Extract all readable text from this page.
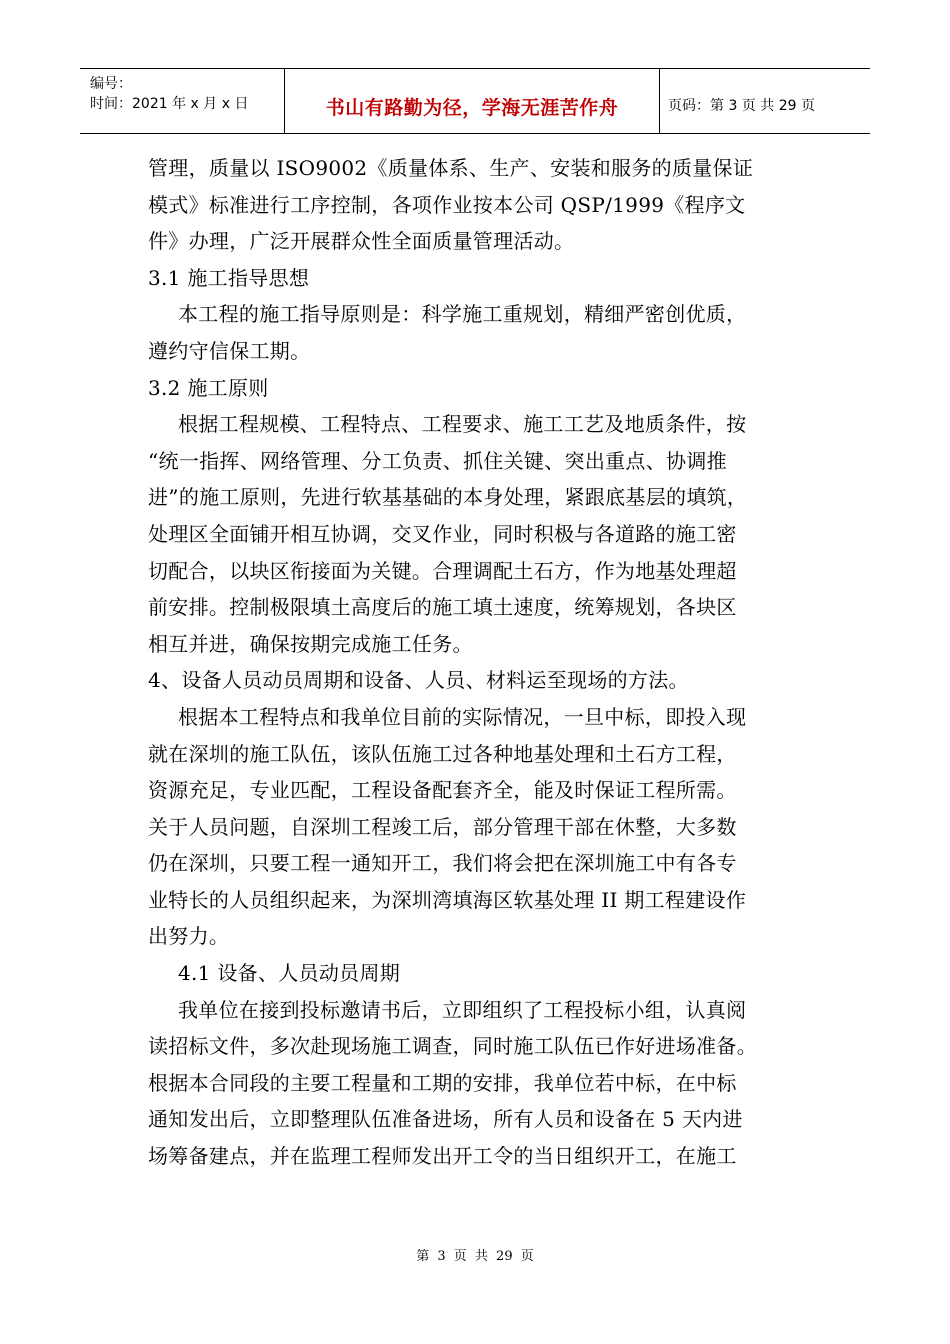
编号：
时间：2021 年 x 月 x 日	书山有路勤为径，学海无涯苦作舟	页码：第 3 页 共 29 页
管理，质量以 ISO9002《质量体系、生产、安装和服务的质量保证
模式》标准进行工序控制，各项作业按本公司 QSP/1999《程序文
件》办理，广泛开展群众性全面质量管理活动。
3.1 施工指导思想
本工程的施工指导原则是：科学施工重规划，精细严密创优质，
遵约守信保工期。
3.2 施工原则
根据工程规模、工程特点、工程要求、施工工艺及地质条件，按
“统一指挥、网络管理、分工负责、抓住关键、突出重点、协调推
进”的施工原则，先进行软基基础的本身处理，紧跟底基层的填筑，
处理区全面铺开相互协调，交叉作业，同时积极与各道路的施工密
切配合，以块区衔接面为关键。合理调配土石方，作为地基处理超
前安排。控制极限填土高度后的施工填土速度，统筹规划，各块区
相互并进，确保按期完成施工任务。
4、设备人员动员周期和设备、人员、材料运至现场的方法。
根据本工程特点和我单位目前的实际情况，一旦中标，即投入现
就在深圳的施工队伍，该队伍施工过各种地基处理和土石方工程，
资源充足，专业匹配，工程设备配套齐全，能及时保证工程所需。
关于人员问题，自深圳工程竣工后，部分管理干部在休整，大多数
仍在深圳，只要工程一通知开工，我们将会把在深圳施工中有各专
业特长的人员组织起来，为深圳湾填海区软基处理 II 期工程建设作
出努力。
4.1 设备、人员动员周期
我单位在接到投标邀请书后，立即组织了工程投标小组，认真阅
读招标文件，多次赴现场施工调查，同时施工队伍已作好进场准备。
根据本合同段的主要工程量和工期的安排，我单位若中标，在中标
通知发出后，立即整理队伍准备进场，所有人员和设备在 5 天内进
场筹备建点，并在监理工程师发出开工令的当日组织开工，在施工
第 3 页 共 29 页
